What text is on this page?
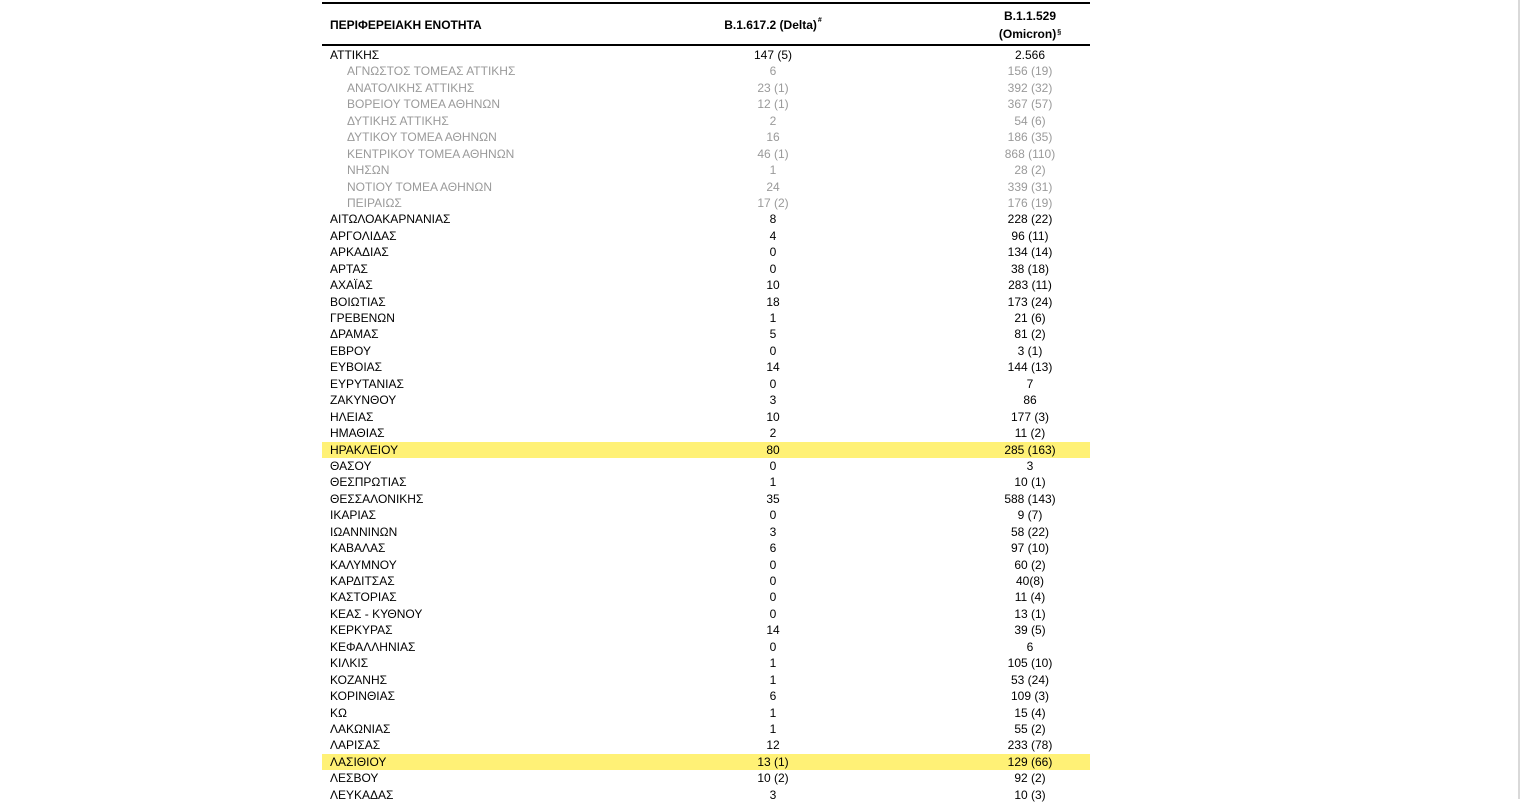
ΠΕΡΙΦΕΡΕΙΑΚΗ ΕΝΟΤΗΤΑ	B.1.617.2 (Delta)#	B.1.1.529
(Omicron)§
ΑΤΤΙΚΗΣ	147 (5)	2.566
ΑΓΝΩΣΤΟΣ ΤΟΜΕΑΣ ΑΤΤΙΚΗΣ	6	156 (19)
ΑΝΑΤΟΛΙΚΗΣ ΑΤΤΙΚΗΣ	23 (1)	392 (32)
ΒΟΡΕΙΟΥ ΤΟΜΕΑ ΑΘΗΝΩΝ	12 (1)	367 (57)
ΔΥΤΙΚΗΣ ΑΤΤΙΚΗΣ	2	54 (6)
ΔΥΤΙΚΟΥ ΤΟΜΕΑ ΑΘΗΝΩΝ	16	186 (35)
ΚΕΝΤΡΙΚΟΥ ΤΟΜΕΑ ΑΘΗΝΩΝ	46 (1)	868 (110)
ΝΗΣΩΝ	1	28 (2)
ΝΟΤΙΟΥ ΤΟΜΕΑ ΑΘΗΝΩΝ	24	339 (31)
ΠΕΙΡΑΙΩΣ	17 (2)	176 (19)
ΑΙΤΩΛΟΑΚΑΡΝΑΝΙΑΣ	8	228 (22)
ΑΡΓΟΛΙΔΑΣ	4	96 (11)
ΑΡΚΑΔΙΑΣ	0	134 (14)
ΑΡΤΑΣ	0	38 (18)
ΑΧΑΪΑΣ	10	283 (11)
ΒΟΙΩΤΙΑΣ	18	173 (24)
ΓΡΕΒΕΝΩΝ	1	21 (6)
ΔΡΑΜΑΣ	5	81 (2)
ΕΒΡΟΥ	0	3 (1)
ΕΥΒΟΙΑΣ	14	144 (13)
ΕΥΡΥΤΑΝΙΑΣ	0	7
ΖΑΚΥΝΘΟΥ	3	86
ΗΛΕΙΑΣ	10	177 (3)
ΗΜΑΘΙΑΣ	2	11 (2)
ΗΡΑΚΛΕΙΟΥ	80	285 (163)
ΘΑΣΟΥ	0	3
ΘΕΣΠΡΩΤΙΑΣ	1	10 (1)
ΘΕΣΣΑΛΟΝΙΚΗΣ	35	588 (143)
ΙΚΑΡΙΑΣ	0	9 (7)
ΙΩΑΝΝΙΝΩΝ	3	58 (22)
ΚΑΒΑΛΑΣ	6	97 (10)
ΚΑΛΥΜΝΟΥ	0	60 (2)
ΚΑΡΔΙΤΣΑΣ	0	40(8)
ΚΑΣΤΟΡΙΑΣ	0	11 (4)
ΚΕΑΣ - ΚΥΘΝΟΥ	0	13 (1)
ΚΕΡΚΥΡΑΣ	14	39 (5)
ΚΕΦΑΛΛΗΝΙΑΣ	0	6
ΚΙΛΚΙΣ	1	105 (10)
ΚΟΖΑΝΗΣ	1	53 (24)
ΚΟΡΙΝΘΙΑΣ	6	109 (3)
ΚΩ	1	15 (4)
ΛΑΚΩΝΙΑΣ	1	55 (2)
ΛΑΡΙΣΑΣ	12	233 (78)
ΛΑΣΙΘΙΟΥ	13 (1)	129 (66)
ΛΕΣΒΟΥ	10 (2)	92 (2)
ΛΕΥΚΑΔΑΣ	3	10 (3)
